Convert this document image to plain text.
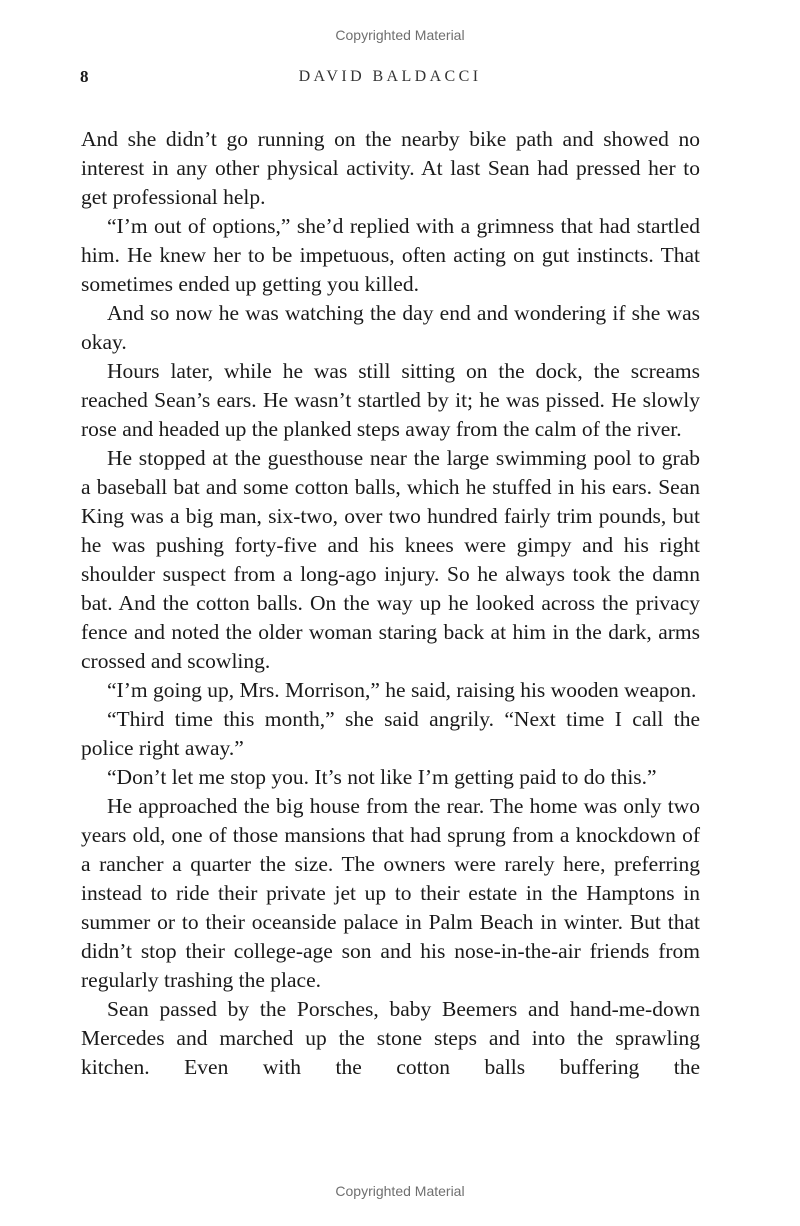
Copyrighted Material
8	DAVID BALDACCI

And she didn’t go running on the nearby bike path and showed no interest in any other physical activity. At last Sean had pressed her to get professional help.

“I’m out of options,” she’d replied with a grimness that had startled him. He knew her to be impetuous, often acting on gut instincts. That sometimes ended up getting you killed.

And so now he was watching the day end and wondering if she was okay.

Hours later, while he was still sitting on the dock, the screams reached Sean’s ears. He wasn’t startled by it; he was pissed. He slowly rose and headed up the planked steps away from the calm of the river.

He stopped at the guesthouse near the large swimming pool to grab a baseball bat and some cotton balls, which he stuffed in his ears. Sean King was a big man, six-two, over two hundred fairly trim pounds, but he was pushing forty-five and his knees were gimpy and his right shoulder suspect from a long-ago injury. So he always took the damn bat. And the cotton balls. On the way up he looked across the privacy fence and noted the older woman staring back at him in the dark, arms crossed and scowling.

“I’m going up, Mrs. Morrison,” he said, raising his wooden weapon.

“Third time this month,” she said angrily. “Next time I call the police right away.”

“Don’t let me stop you. It’s not like I’m getting paid to do this.”

He approached the big house from the rear. The home was only two years old, one of those mansions that had sprung from a knockdown of a rancher a quarter the size. The owners were rarely here, preferring instead to ride their private jet up to their estate in the Hamptons in summer or to their oceanside palace in Palm Beach in winter. But that didn’t stop their college-age son and his nose-in-the-air friends from regularly trashing the place.

Sean passed by the Porsches, baby Beemers and hand-me-down Mercedes and marched up the stone steps and into the sprawling kitchen. Even with the cotton balls buffering the

Copyrighted Material
